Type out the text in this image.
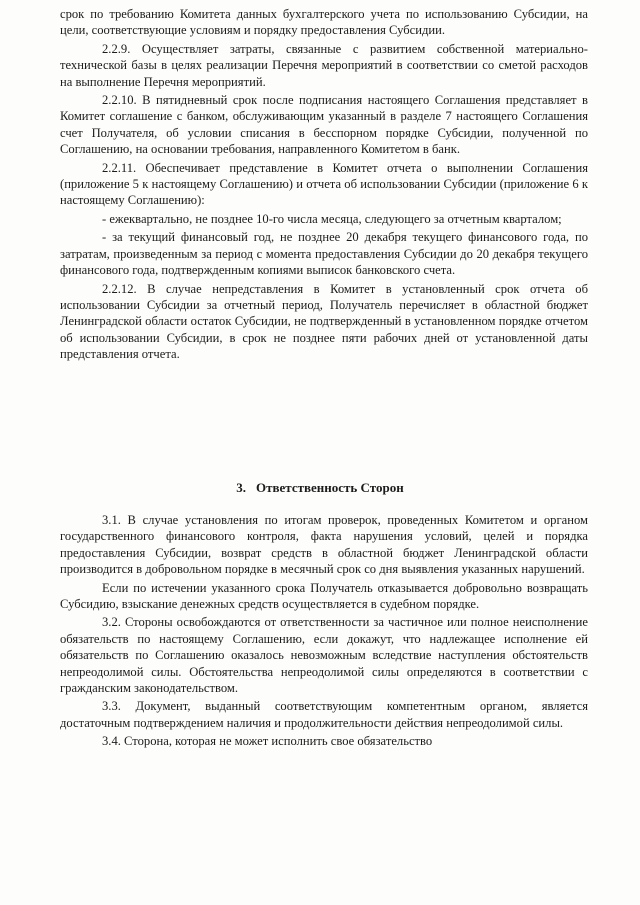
срок по требованию Комитета данных бухгалтерского учета по использованию Субсидии, на цели, соответствующие условиям и порядку предоставления Субсидии.

2.2.9. Осуществляет затраты, связанные с развитием собственной материально-технической базы в целях реализации Перечня мероприятий в соответствии со сметой расходов на выполнение Перечня мероприятий.

2.2.10. В пятидневный срок после подписания настоящего Соглашения представляет в Комитет соглашение с банком, обслуживающим указанный в разделе 7 настоящего Соглашения счет Получателя, об условии списания в бесспорном порядке Субсидии, полученной по Соглашению, на основании требования, направленного Комитетом в банк.

2.2.11. Обеспечивает представление в Комитет отчета о выполнении Соглашения (приложение 5 к настоящему Соглашению) и отчета об использовании Субсидии (приложение 6 к настоящему Соглашению):

- ежеквартально, не позднее 10-го числа месяца, следующего за отчетным кварталом;

- за текущий финансовый год, не позднее 20 декабря текущего финансового года, по затратам, произведенным за период с момента предоставления Субсидии до 20 декабря текущего финансового года, подтвержденным копиями выписок банковского счета.

2.2.12. В случае непредставления в Комитет в установленный срок отчета об использовании Субсидии за отчетный период, Получатель перечисляет в областной бюджет Ленинградской области остаток Субсидии, не подтвержденный в установленном порядке отчетом об использовании Субсидии, в срок не позднее пяти рабочих дней от установленной даты представления отчета.

3. Ответственность Сторон

3.1. В случае установления по итогам проверок, проведенных Комитетом и органом государственного финансового контроля, факта нарушения условий, целей и порядка предоставления Субсидии, возврат средств в областной бюджет Ленинградской области производится в добровольном порядке в месячный срок со дня выявления указанных нарушений.

Если по истечении указанного срока Получатель отказывается добровольно возвращать Субсидию, взыскание денежных средств осуществляется в судебном порядке.

3.2. Стороны освобождаются от ответственности за частичное или полное неисполнение обязательств по настоящему Соглашению, если докажут, что надлежащее исполнение ей обязательств по Соглашению оказалось невозможным вследствие наступления обстоятельств непреодолимой силы. Обстоятельства непреодолимой силы определяются в соответствии с гражданским законодательством.

3.3. Документ, выданный соответствующим компетентным органом, является достаточным подтверждением наличия и продолжительности действия непреодолимой силы.

3.4. Сторона, которая не может исполнить свое обязательство
